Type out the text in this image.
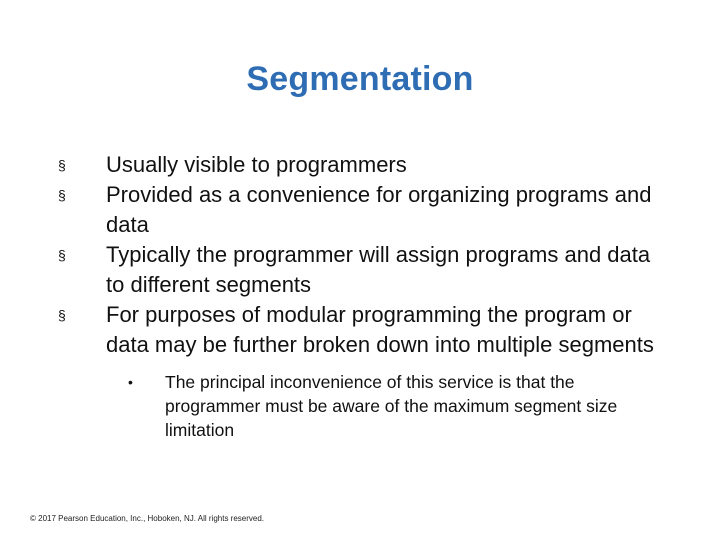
Segmentation
§	Usually visible to programmers
§	Provided as a convenience for organizing programs and data
§	Typically the programmer will assign programs and data to different segments
§	For purposes of modular programming the program or data may be further broken down into multiple segments
•	The principal inconvenience of this service is that the programmer must be aware of the maximum segment size limitation
© 2017 Pearson Education, Inc., Hoboken, NJ. All rights reserved.
